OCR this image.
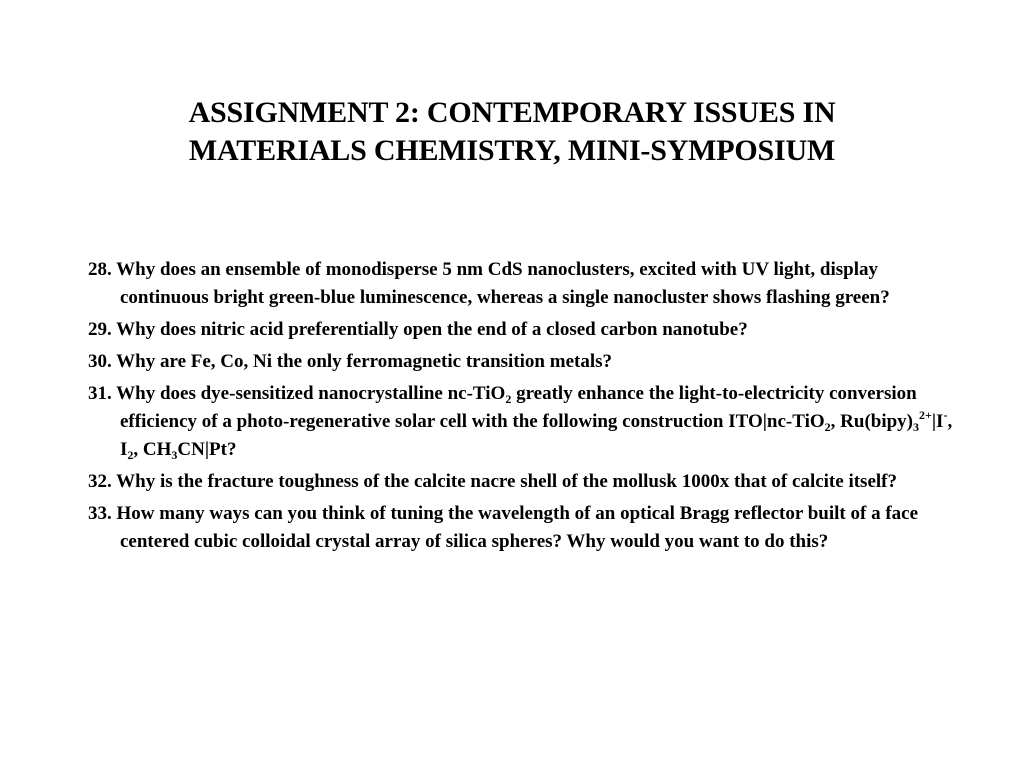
ASSIGNMENT 2: CONTEMPORARY ISSUES IN
MATERIALS CHEMISTRY, MINI-SYMPOSIUM
28. Why does an ensemble of monodisperse 5 nm CdS nanoclusters, excited with UV light, display continuous bright green-blue luminescence, whereas a single nanocluster shows flashing green?
29. Why does nitric acid preferentially open the end of a closed carbon nanotube?
30. Why are Fe, Co, Ni the only ferromagnetic transition metals?
31. Why does dye-sensitized nanocrystalline nc-TiO$_2$ greatly enhance the light-to-electricity conversion efficiency of a photo-regenerative solar cell with the following construction ITO|nc-TiO$_2$, $Ru(bipy)_3^{2+}|I^-$, $I_2$, $CH_3CN|Pt$?
32. Why is the fracture toughness of the calcite nacre shell of the mollusk 1000x that of calcite itself?
33. How many ways can you think of tuning the wavelength of an optical Bragg reflector built of a face centered cubic colloidal crystal array of silica spheres? Why would you want to do this?
